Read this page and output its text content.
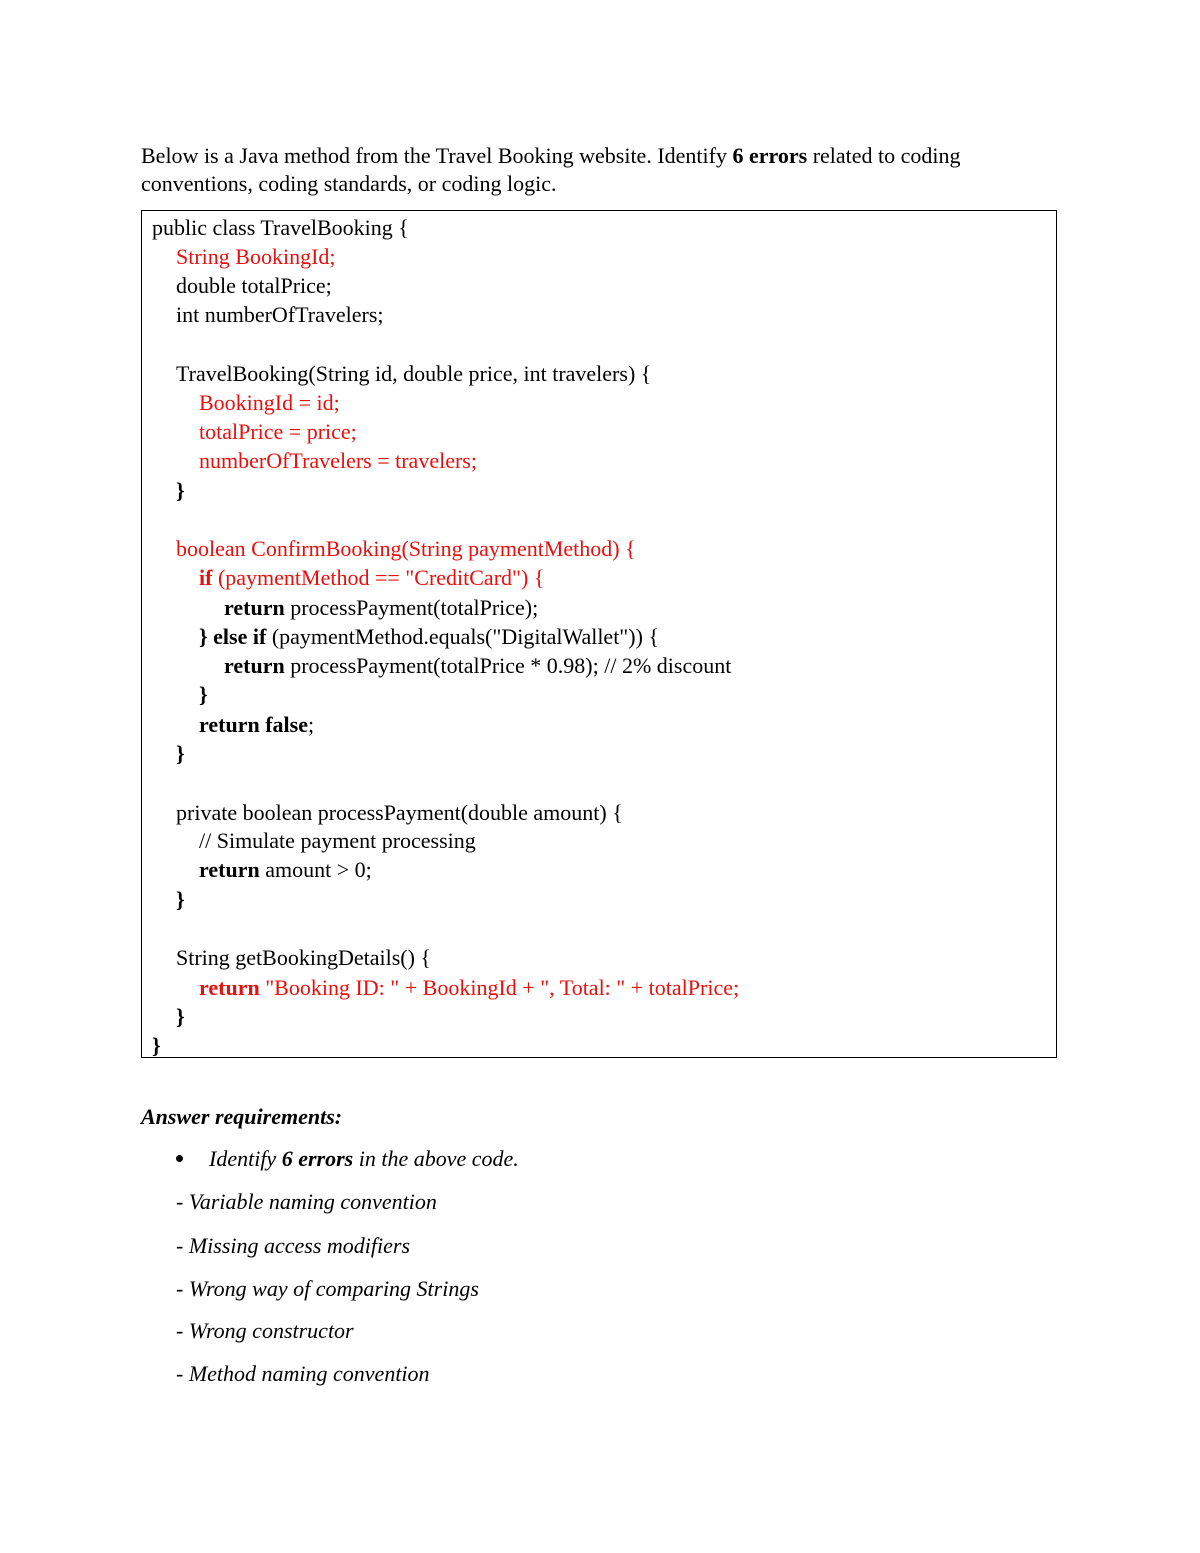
Below is a Java method from the Travel Booking website. Identify 6 errors related to coding conventions, coding standards, or coding logic.
public class TravelBooking {
String BookingId;
double totalPrice;
int numberOfTravelers;
TravelBooking(String id, double price, int travelers) {
BookingId = id;
totalPrice = price;
numberOfTravelers = travelers;
}
boolean ConfirmBooking(String paymentMethod) {
if (paymentMethod == "CreditCard") {
return processPayment(totalPrice);
} else if (paymentMethod.equals("DigitalWallet")) {
return processPayment(totalPrice * 0.98); // 2% discount
}
return false;
}
private boolean processPayment(double amount) {
// Simulate payment processing
return amount > 0;
}
String getBookingDetails() {
return "Booking ID: " + BookingId + ", Total: " + totalPrice;
}
}
Answer requirements:
Identify 6 errors in the above code.
- Variable naming convention
- Missing access modifiers
- Wrong way of comparing Strings
- Wrong constructor
- Method naming convention
